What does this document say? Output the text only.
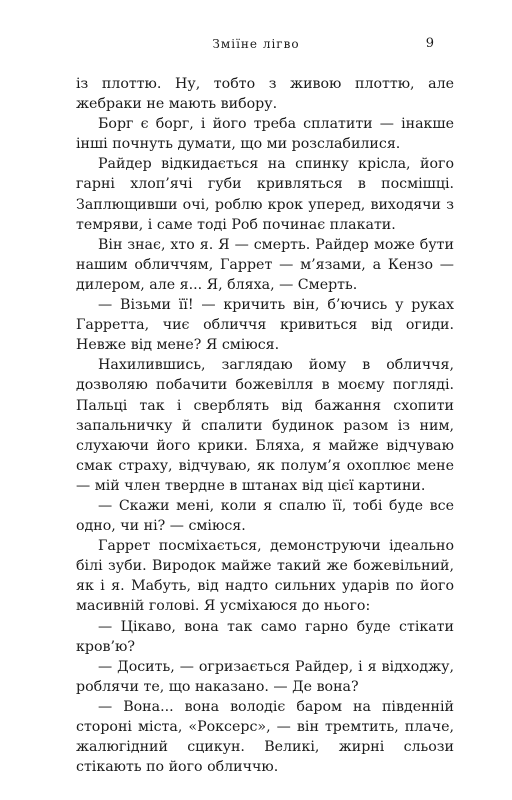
Зміїне лігво	9

із плоттю. Ну, тобто з живою плоттю, але жебраки не мають вибору.

Борг є борг, і його треба сплатити — інакше інші почнуть думати, що ми розслабилися.

Райдер відкидається на спинку крісла, його гарні хлоп’ячі губи кривляться в посмішці. Заплющивши очі, роблю крок уперед, виходячи з темряви, і саме тоді Роб починає плакати.

Він знає, хто я. Я — смерть. Райдер може бути нашим обличчям, Гаррет — м’язами, а Кензо — дилером, але я... Я, бляха, — Смерть.

— Візьми її! — кричить він, б’ючись у руках Гарретта, чиє обличчя кривиться від огиди. Невже від мене? Я сміюся.

Нахилившись, заглядаю йому в обличчя, дозволяю побачити божевілля в моєму погляді. Пальці так і сверблять від бажання схопити запальничку й спалити будинок разом із ним, слухаючи його крики. Бляха, я майже відчуваю смак страху, відчуваю, як полум’я охоплює мене — мій член твердне в штанах від цієї картини.

— Скажи мені, коли я спалю її, тобі буде все одно, чи ні? — сміюся.

Гаррет посміхається, демонструючи ідеально білі зуби. Виродок майже такий же божевільний, як і я. Мабуть, від надто сильних ударів по його масивній голові. Я усміхаюся до нього:

— Цікаво, вона так само гарно буде стікати кров’ю?

— Досить, — огризається Райдер, і я відходжу, роблячи те, що наказано. — Де вона?

— Вона... вона володіє баром на південній стороні міста, «Роксерс», — він тремтить, плаче, жалюгідний сцикун. Великі, жирні сльози стікають по його обличчю.
